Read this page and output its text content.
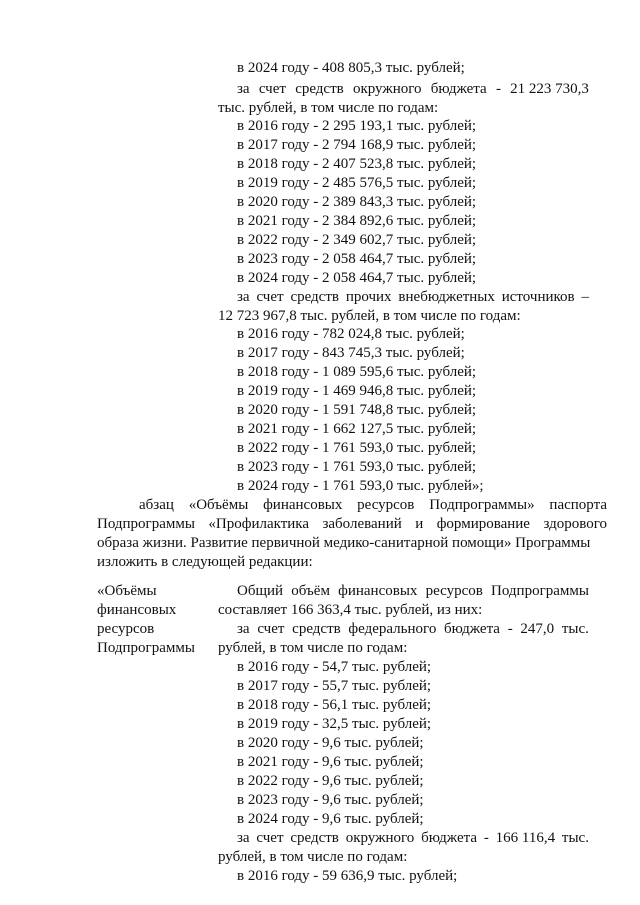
в 2024 году - 408 805,3 тыс. рублей;
за счет средств окружного бюджета - 21 223 730,3
тыс. рублей, в том числе по годам:
в 2016 году - 2 295 193,1 тыс. рублей;
в 2017 году - 2 794 168,9 тыс. рублей;
в 2018 году - 2 407 523,8 тыс. рублей;
в 2019 году - 2 485 576,5 тыс. рублей;
в 2020 году - 2 389 843,3 тыс. рублей;
в 2021 году - 2 384 892,6 тыс. рублей;
в 2022 году - 2 349 602,7 тыс. рублей;
в 2023 году - 2 058 464,7 тыс. рублей;
в 2024 году - 2 058 464,7 тыс. рублей;
за счет средств прочих внебюджетных источников –
12 723 967,8 тыс. рублей, в том числе по годам:
в 2016 году - 782 024,8 тыс. рублей;
в 2017 году - 843 745,3 тыс. рублей;
в 2018 году - 1 089 595,6 тыс. рублей;
в 2019 году - 1 469 946,8 тыс. рублей;
в 2020 году - 1 591 748,8 тыс. рублей;
в 2021 году - 1 662 127,5 тыс. рублей;
в 2022 году - 1 761 593,0 тыс. рублей;
в 2023 году - 1 761 593,0 тыс. рублей;
в 2024 году - 1 761 593,0 тыс. рублей»;
абзац «Объёмы финансовых ресурсов Подпрограммы» паспорта
Подпрограммы «Профилактика заболеваний и формирование здорового
образа жизни. Развитие первичной медико-санитарной помощи» Программы
изложить в следующей редакции:
«Объёмы
финансовых
ресурсов
Подпрограммы
Общий объём финансовых ресурсов Подпрограммы
составляет 166 363,4 тыс. рублей, из них:
за счет средств федерального бюджета - 247,0 тыс.
рублей, в том числе по годам:
в 2016 году - 54,7 тыс. рублей;
в 2017 году - 55,7 тыс. рублей;
в 2018 году - 56,1 тыс. рублей;
в 2019 году - 32,5 тыс. рублей;
в 2020 году - 9,6 тыс. рублей;
в 2021 году - 9,6 тыс. рублей;
в 2022 году - 9,6 тыс. рублей;
в 2023 году - 9,6 тыс. рублей;
в 2024 году - 9,6 тыс. рублей;
за счет средств окружного бюджета - 166 116,4 тыс.
рублей, в том числе по годам:
в 2016 году - 59 636,9 тыс. рублей;
